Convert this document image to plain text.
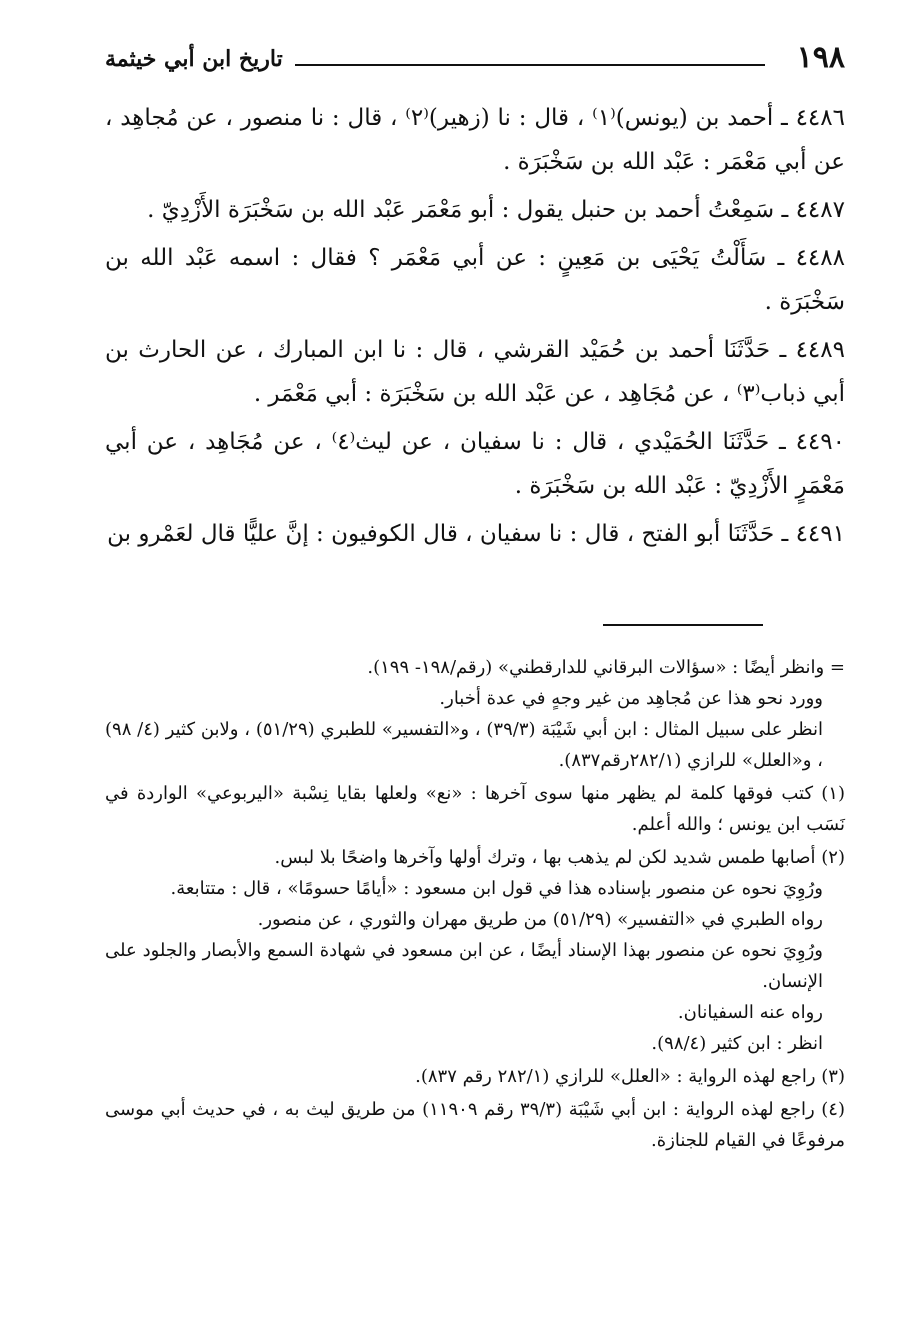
١٩٨
تاريخ ابن أبي خيثمة

٤٤٨٦ ـ أحمد بن (يونس)⁽١⁾ ، قال : نا (زهير)⁽٢⁾ ، قال : نا منصور ، عن مُجاهِد ، عن أبي مَعْمَر : عَبْد الله بن سَخْبَرَة .

٤٤٨٧ ـ سَمِعْتُ أحمد بن حنبل يقول : أبو مَعْمَر عَبْد الله بن سَخْبَرَة الأَزْدِيّ .

٤٤٨٨ ـ سَأَلْتُ يَحْيَى بن مَعِينٍ : عن أبي مَعْمَر ؟ فقال : اسمه عَبْد الله بن سَخْبَرَة .

٤٤٨٩ ـ حَدَّثَنَا أحمد بن حُمَيْد القرشي ، قال : نا ابن المبارك ، عن الحارث بن أبي ذباب⁽٣⁾ ، عن مُجَاهِد ، عن عَبْد الله بن سَخْبَرَة : أبي مَعْمَر .

٤٤٩٠ ـ حَدَّثَنَا الحُمَيْدي ، قال : نا سفيان ، عن ليث⁽٤⁾ ، عن مُجَاهِد ، عن أبي مَعْمَرٍ الأَزْدِيّ : عَبْد الله بن سَخْبَرَة .

٤٤٩١ ـ حَدَّثَنَا أبو الفتح ، قال : نا سفيان ، قال الكوفيون : إنَّ عليًّا قال لعَمْرو بن

= وانظر أيضًا : «سؤالات البرقاني للدارقطني» (رقم/١٩٨- ١٩٩).
وورد نحو هذا عن مُجاهِد من غير وجهٍ في عدة أخبار.
انظر على سبيل المثال : ابن أبي شَيْبَة (٣٩/٣) ، و«التفسير» للطبري (٥١/٢٩) ، ولابن كثير (٤/ ٩٨) ، و«العلل» للرازي (٢٨٢/١رقم٨٣٧).
(١) كتب فوقها كلمة لم يظهر منها سوى آخرها : «نع» ولعلها بقايا نِسْبة «اليربوعي» الواردة في نَسَب ابن يونس ؛ والله أعلم.
(٢) أصابها طمس شديد لكن لم يذهب بها ، وترك أولها وآخرها واضحًا بلا لبس.
ورُوِيَ نحوه عن منصور بإسناده هذا في قول ابن مسعود : «أيامًا حسومًا» ، قال : متتابعة.
رواه الطبري في «التفسير» (٥١/٢٩) من طريق مهران والثوري ، عن منصور.
ورُوِيَ نحوه عن منصور بهذا الإسناد أيضًا ، عن ابن مسعود في شهادة السمع والأبصار والجلود على الإنسان.
رواه عنه السفيانان.
انظر : ابن كثير (٩٨/٤).
(٣) راجع لهذه الرواية : «العلل» للرازي (٢٨٢/١ رقم ٨٣٧).
(٤) راجع لهذه الرواية : ابن أبي شَيْبَة (٣٩/٣ رقم ١١٩٠٩) من طريق ليث به ، في حديث أبي موسى مرفوعًا في القيام للجنازة.
